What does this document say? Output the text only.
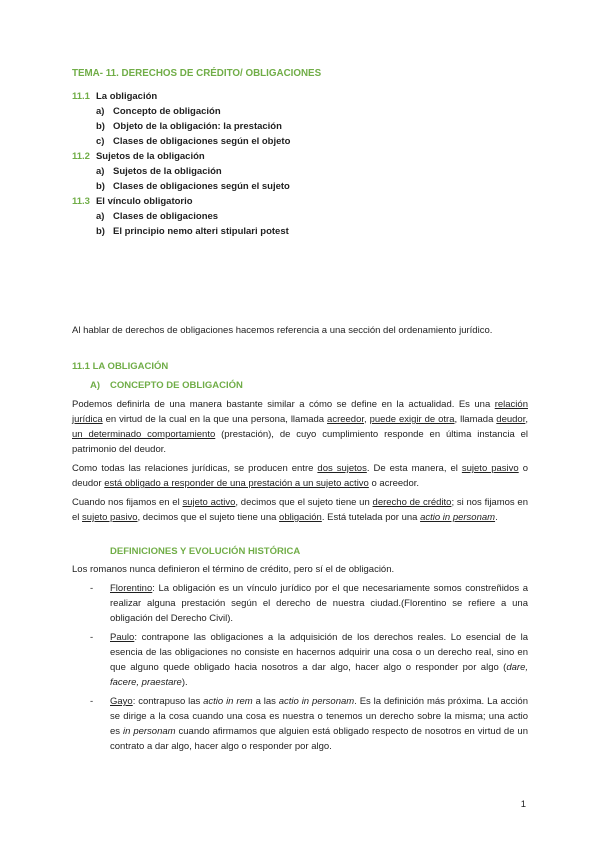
TEMA- 11. DERECHOS DE CRÉDITO/ OBLIGACIONES
11.1 La obligación
a) Concepto de obligación
b) Objeto de la obligación: la prestación
c) Clases de obligaciones según el objeto
11.2 Sujetos de la obligación
a) Sujetos de la obligación
b) Clases de obligaciones según el sujeto
11.3 El vínculo obligatorio
a) Clases de obligaciones
b) El principio nemo alteri stipulari potest

Al hablar de derechos de obligaciones hacemos referencia a una sección del ordenamiento jurídico.

11.1 LA OBLIGACIÓN
A) CONCEPTO DE OBLIGACIÓN

Podemos definirla de una manera bastante similar a cómo se define en la actualidad. Es una relación jurídica en virtud de la cual en la que una persona, llamada acreedor, puede exigir de otra, llamada deudor, un determinado comportamiento (prestación), de cuyo cumplimiento responde en última instancia el patrimonio del deudor.

Como todas las relaciones jurídicas, se producen entre dos sujetos. De esta manera, el sujeto pasivo o deudor está obligado a responder de una prestación a un sujeto activo o acreedor.

Cuando nos fijamos en el sujeto activo, decimos que el sujeto tiene un derecho de crédito; si nos fijamos en el sujeto pasivo, decimos que el sujeto tiene una obligación. Está tutelada por una actio in personam.

DEFINICIONES Y EVOLUCIÓN HISTÓRICA

Los romanos nunca definieron el término de crédito, pero sí el de obligación.

-	Florentino: La obligación es un vínculo jurídico por el que necesariamente somos constreñidos a realizar alguna prestación según el derecho de nuestra ciudad.(Florentino se refiere a una obligación del Derecho Civil).
-	Paulo: contrapone las obligaciones a la adquisición de los derechos reales. Lo esencial de la esencia de las obligaciones no consiste en hacernos adquirir una cosa o un derecho real, sino en que alguno quede obligado hacia nosotros a dar algo, hacer algo o responder por algo (dare, facere, praestare).
-	Gayo: contrapuso las actio in rem a las actio in personam. Es la definición más próxima. La acción se dirige a la cosa cuando una cosa es nuestra o tenemos un derecho sobre la misma; una actio es in personam cuando afirmamos que alguien está obligado respecto de nosotros en virtud de un contrato a dar algo, hacer algo o responder por algo.
1
